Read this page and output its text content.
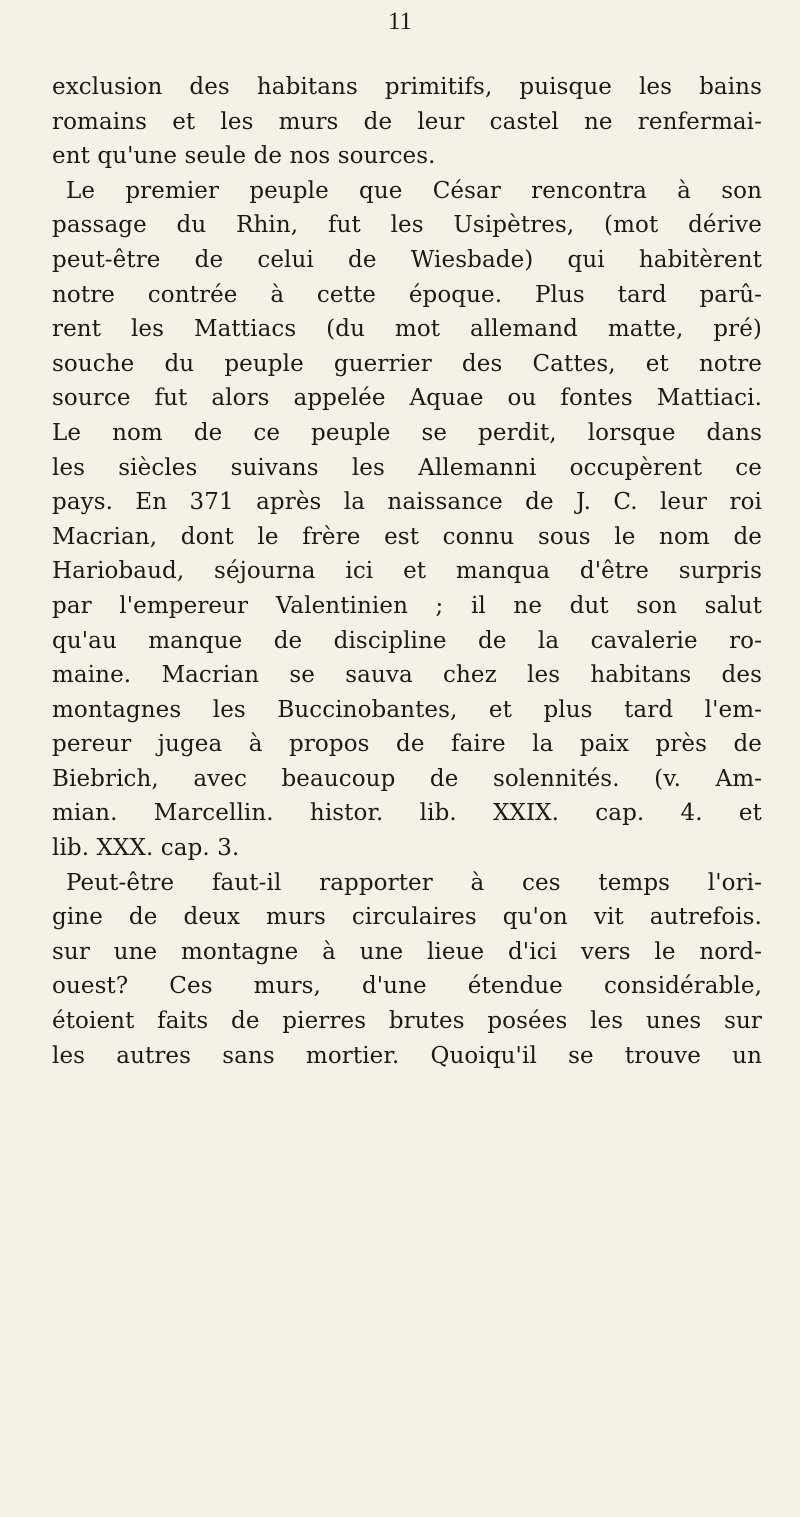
11
exclusion des habitans primitifs, puisque les bains
romains et les murs de leur castel ne renfermai-
ent qu'une seule de nos sources.
Le premier peuple que César rencontra à son
passage du Rhin, fut les Usipètres, (mot dérive
peut-être de celui de Wiesbade) qui habitèrent
notre contrée à cette époque. Plus tard parû-
rent les Mattiacs (du mot allemand matte, pré)
souche du peuple guerrier des Cattes, et notre
source fut alors appelée Aquae ou fontes Mattiaci.
Le nom de ce peuple se perdit, lorsque dans
les siècles suivans les Allemanni occupèrent ce
pays. En 371 après la naissance de J. C. leur roi
Macrian, dont le frère est connu sous le nom de
Hariobaud, séjourna ici et manqua d'être surpris
par l'empereur Valentinien ; il ne dut son salut
qu'au manque de discipline de la cavalerie ro-
maine. Macrian se sauva chez les habitans des
montagnes les Buccinobantes, et plus tard l'em-
pereur jugea à propos de faire la paix près de
Biebrich, avec beaucoup de solennités. (v. Am-
mian. Marcellin. histor. lib. XXIX. cap. 4. et
lib. XXX. cap. 3.
Peut-être faut-il rapporter à ces temps l'ori-
gine de deux murs circulaires qu'on vit autrefois.
sur une montagne à une lieue d'ici vers le nord-
ouest? Ces murs, d'une étendue considérable,
étoient faits de pierres brutes posées les unes sur
les autres sans mortier. Quoiqu'il se trouve un
